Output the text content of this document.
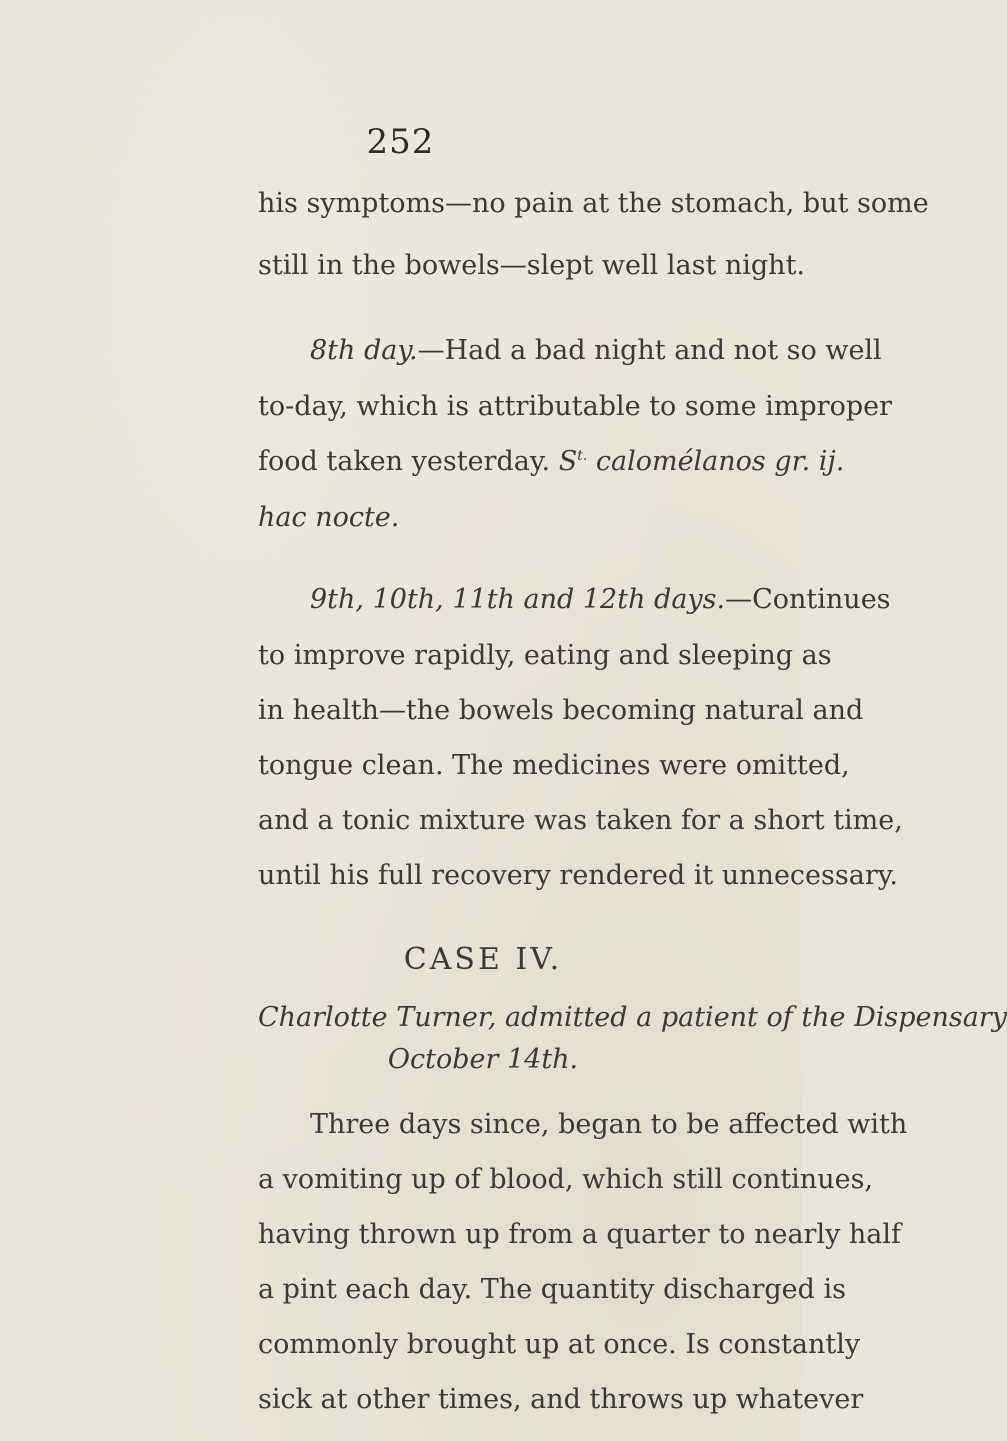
252
his symptoms—no pain at the stomach, but some
still in the bowels—slept well last night.
8th day.—Had a bad night and not so well
to-day, which is attributable to some improper
food taken yesterday. $S^{t.}$ calomélanos gr. ij.
hac nocte.
9th, 10th, 11th and 12th days.—Continues
to improve rapidly, eating and sleeping as
in health—the bowels becoming natural and
tongue clean. The medicines were omitted,
and a tonic mixture was taken for a short time,
until his full recovery rendered it unnecessary.
CASE IV.
Charlotte Turner, admitted a patient of the Dispensary
October 14th.
Three days since, began to be affected with
a vomiting up of blood, which still continues,
having thrown up from a quarter to nearly half
a pint each day. The quantity discharged is
commonly brought up at once. Is constantly
sick at other times, and throws up whatever
